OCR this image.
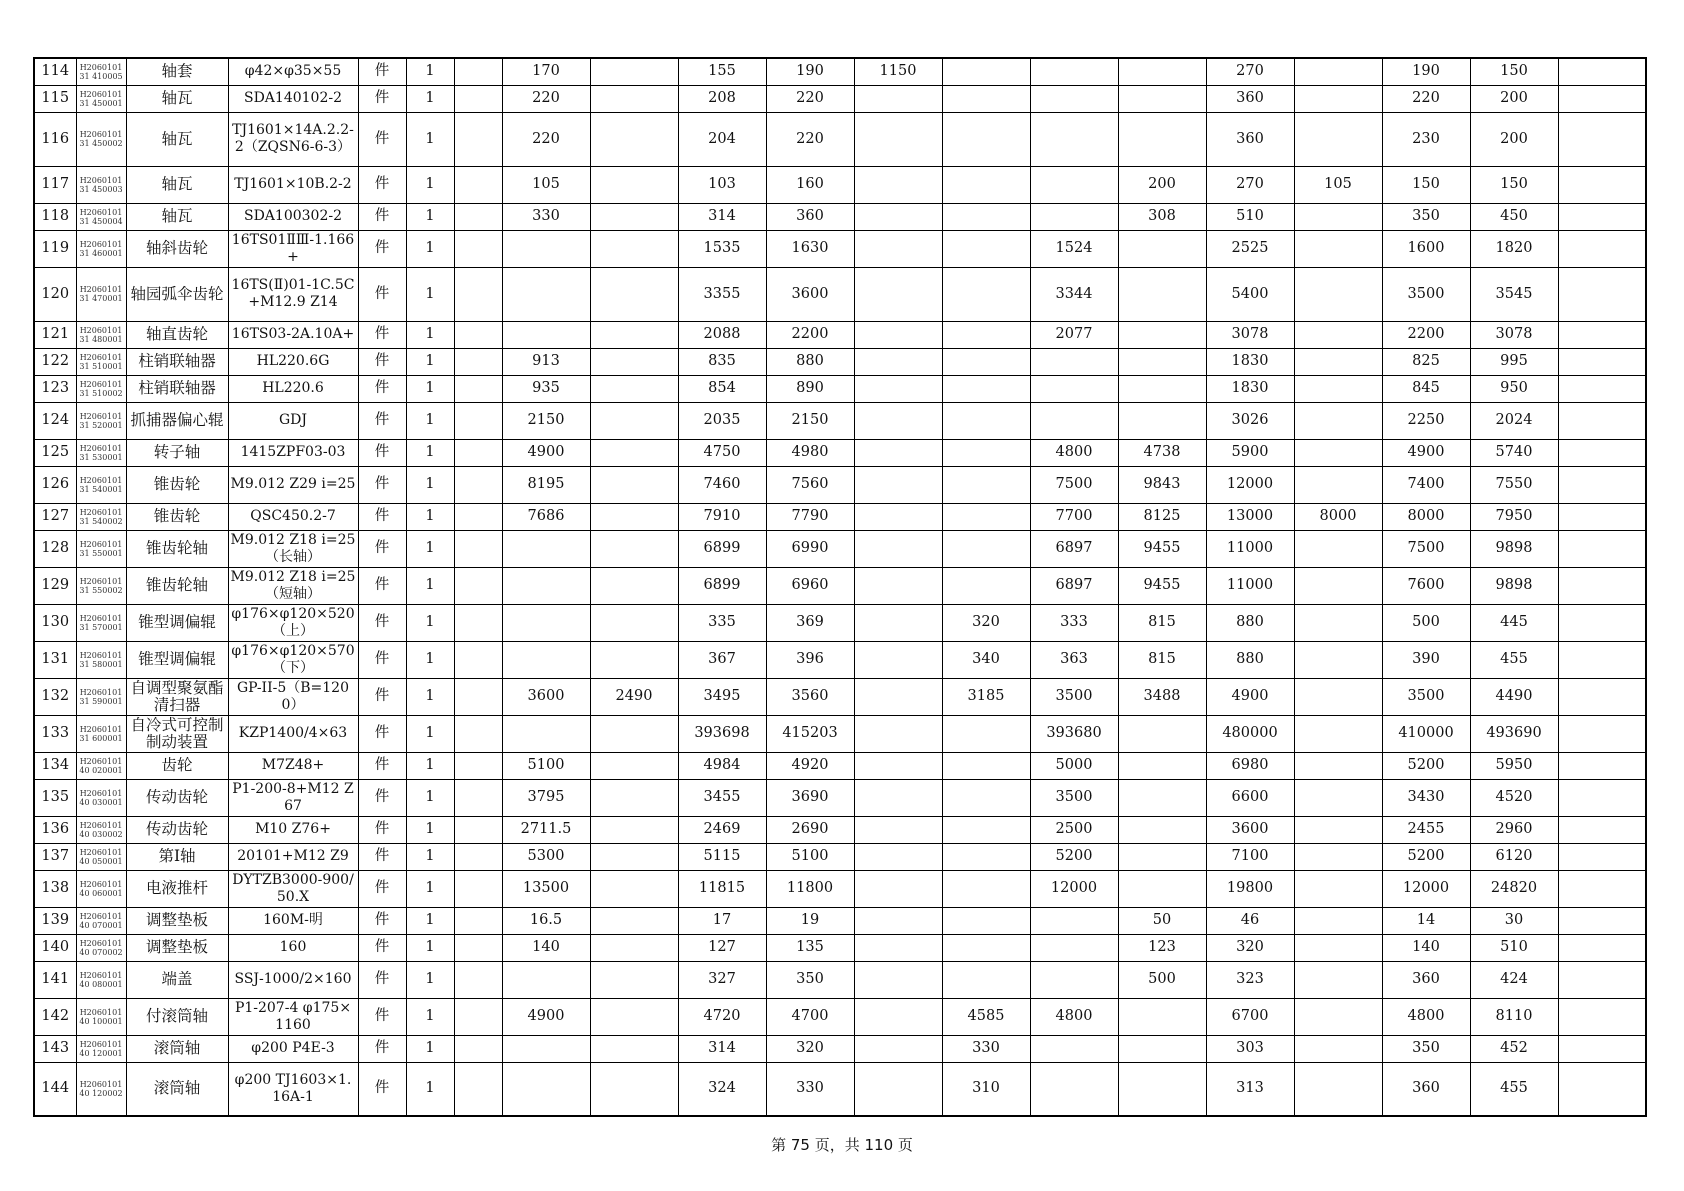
114	H206010131 410005	轴套	φ42×φ35×55	件	1		170		155	190	1150				270		190	150	
115	H206010131 450001	轴瓦	SDA140102-2	件	1		220		208	220					360		220	200	
116	H206010131 450002	轴瓦	TJ1601×14A.2.2-2（ZQSN6-6-3）	件	1		220		204	220					360		230	200	
117	H206010131 450003	轴瓦	TJ1601×10B.2-2	件	1		105		103	160				200	270	105	150	150	
118	H206010131 450004	轴瓦	SDA100302-2	件	1		330		314	360				308	510		350	450	
119	H206010131 460001	轴斜齿轮	16TS01ⅡⅢ-1.166+	件	1				1535	1630			1524		2525		1600	1820	
120	H206010131 470001	轴园弧伞齿轮	16TS(Ⅱ)01-1C.5C+M12.9 Z14	件	1				3355	3600			3344		5400		3500	3545	
121	H206010131 480001	轴直齿轮	16TS03-2A.10A+	件	1				2088	2200			2077		3078		2200	3078	
122	H206010131 510001	柱销联轴器	HL220.6G	件	1		913		835	880					1830		825	995	
123	H206010131 510002	柱销联轴器	HL220.6	件	1		935		854	890					1830		845	950	
124	H206010131 520001	抓捕器偏心辊	GDJ	件	1		2150		2035	2150					3026		2250	2024	
125	H206010131 530001	转子轴	1415ZPF03-03	件	1		4900		4750	4980			4800	4738	5900		4900	5740	
126	H206010131 540001	锥齿轮	M9.012 Z29 i=25	件	1		8195		7460	7560			7500	9843	12000		7400	7550	
127	H206010131 540002	锥齿轮	QSC450.2-7	件	1		7686		7910	7790			7700	8125	13000	8000	8000	7950	
128	H206010131 550001	锥齿轮轴	M9.012 Z18 i=25（长轴）	件	1				6899	6990			6897	9455	11000		7500	9898	
129	H206010131 550002	锥齿轮轴	M9.012 Z18 i=25（短轴）	件	1				6899	6960			6897	9455	11000		7600	9898	
130	H206010131 570001	锥型调偏辊	φ176×φ120×520（上）	件	1				335	369		320	333	815	880		500	445	
131	H206010131 580001	锥型调偏辊	φ176×φ120×570（下）	件	1				367	396		340	363	815	880		390	455	
132	H206010131 590001	自调型聚氨酯清扫器	GP-II-5（B=1200）	件	1		3600	2490	3495	3560		3185	3500	3488	4900		3500	4490	
133	H206010131 600001	自冷式可控制制动装置	KZP1400/4×63	件	1				393698	415203			393680		480000		410000	493690	
134	H206010140 020001	齿轮	M7Z48+	件	1		5100		4984	4920			5000		6980		5200	5950	
135	H206010140 030001	传动齿轮	P1-200-8+M12 Z67	件	1		3795		3455	3690			3500		6600		3430	4520	
136	H206010140 030002	传动齿轮	M10 Z76+	件	1		2711.5		2469	2690			2500		3600		2455	2960	
137	H206010140 050001	第Ⅰ轴	20101+M12 Z9	件	1		5300		5115	5100			5200		7100		5200	6120	
138	H206010140 060001	电液推杆	DYTZB3000-900/50.X	件	1		13500		11815	11800			12000		19800		12000	24820	
139	H206010140 070001	调整垫板	160M-明	件	1		16.5		17	19				50	46		14	30	
140	H206010140 070002	调整垫板	160	件	1		140		127	135				123	320		140	510	
141	H206010140 080001	端盖	SSJ-1000/2×160	件	1				327	350				500	323		360	424	
142	H206010140 100001	付滚筒轴	P1-207-4 φ175×1160	件	1		4900		4720	4700		4585	4800		6700		4800	8110	
143	H206010140 120001	滚筒轴	φ200 P4E-3	件	1				314	320		330			303		350	452	
144	H206010140 120002	滚筒轴	φ200 TJ1603×1.16A-1	件	1				324	330		310			313		360	455	
第 75 页，共 110 页
